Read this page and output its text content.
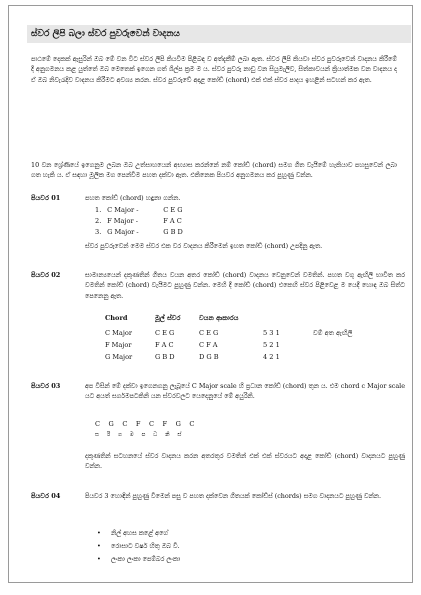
ස්වර ලිපි බලා ස්වර පුවරුවෙන් වාදනය
පාඨමේ දෙකක් ඇසුරින් ඔබ මේ වන විට ස්වර ලිපි කියවීම පිළිබඳ ව අත්දැකීම් ලබා ඇත. ස්වර ලිපි කියවා ස්වර පුවරුවෙන් වාදනය කිරීමේ දී අනුගමනය කළ යුත්තේ ඔබ මෙතෙක් ඉගෙන ගත් ශිල්ප ක්‍රම ම ය. ස්වර පුවරු නාඩු වන සියුමැලිව, සිත්කාවයන් ක්‍රියාත්මක වන වාදනය ද ඒ ඔබ නිවැරැදිව වාදනය කිරීමට අවශ්‍ය කරන. ස්වර පුවරුවේ අදාළ කෝඩ් (chord) එක් එක් ස්වර පාදය ඉහළින් සටහන් කර ඇත.
10 වන ශ්‍රේණියේ ඉගෙනුම ලබන ඔබ උත්සාහයෙන් අභ්‍යාස කරන්නේ නම් කෝඩ් (chord) සමග ගීත වැයීමේ හැකියාව පහසුවෙන් ලබා ගත හැකි ය. ඒ සඳහා මූලික මග පෙන්වීම පහත දක්වා ඇත. එකිනෙක පියවර අනුගමනය කර පුහුණු වන්න.
පියවර 01	පහත කෝඩ් (chord) හඳුනා ගන්න.
1. C Major -	C E G
2. F Major -	F A C
3. G Major -	G B D
ස්වර පුවරුවෙන් මෙම ස්වර එක වර වාදනය කිරීමෙන් ඉහත කෝඩ් (chord) උපදිනු ඇත.
පියවර 02	සාමාන්‍යයෙන් දකුණතින් ගීතය වයන අතර කෝඩ් (chord) වාදනය වෙනුවෙන් වමතින්. පහත වගු ඇඟිලි භාවිත කර වමතින් කෝඩ් (chord) වැයීමට පුහුණු වන්න. මෙහි දී කෝඩ් (chord) එකෙහි ස්වර පිළිවෙළ ම යෙදී හොඳ ඔබ සිත්ට පෙනෙනු ඇත.
Chord	මූල් ස්වර	වයන ආකාරය
C Major	C E G	C E G	5 3 1	වම් අත ඇඟිලි
F Major	F A C	C F A	5 2 1
G Major	G B D	D G B	4 2 1
පියවර 03	අප විසින් මේ දක්වා ඉගෙනගනු ලැබූයේ C Major scale හි ප්‍රධාන කෝඩ් (chord) තුන ය. එම chord c Major scale යට අයත් සර්ගමපටකිනි යන ස්වරවලට යෙදෙනුයේ මේ අයුරිනි.
C G C F C F G C
ස රි ග ම ප ධ නි ස්
දකුණතින් සටහනයේ ස්වර වාදනය කරන අතරතුර වමතින් එක් එක් ස්වරයට අදාළ කෝඩ් (chord) වාදනයට පුහුණු වන්න.
පියවර 04	පියවර 3 හොඳින් පුහුණු වීමෙන් පසු ව පහත දක්වෙන ගීතයක් කෝඩ්ස් (chords) සමග වාදනයට පුහුණු වන්න.
• නිල් අහස කළේ අගේ
• රොසාට වර්ෂ හිතු ඔබ වී.
• ලංකා ලංකා පෙම්බර ලංකා
